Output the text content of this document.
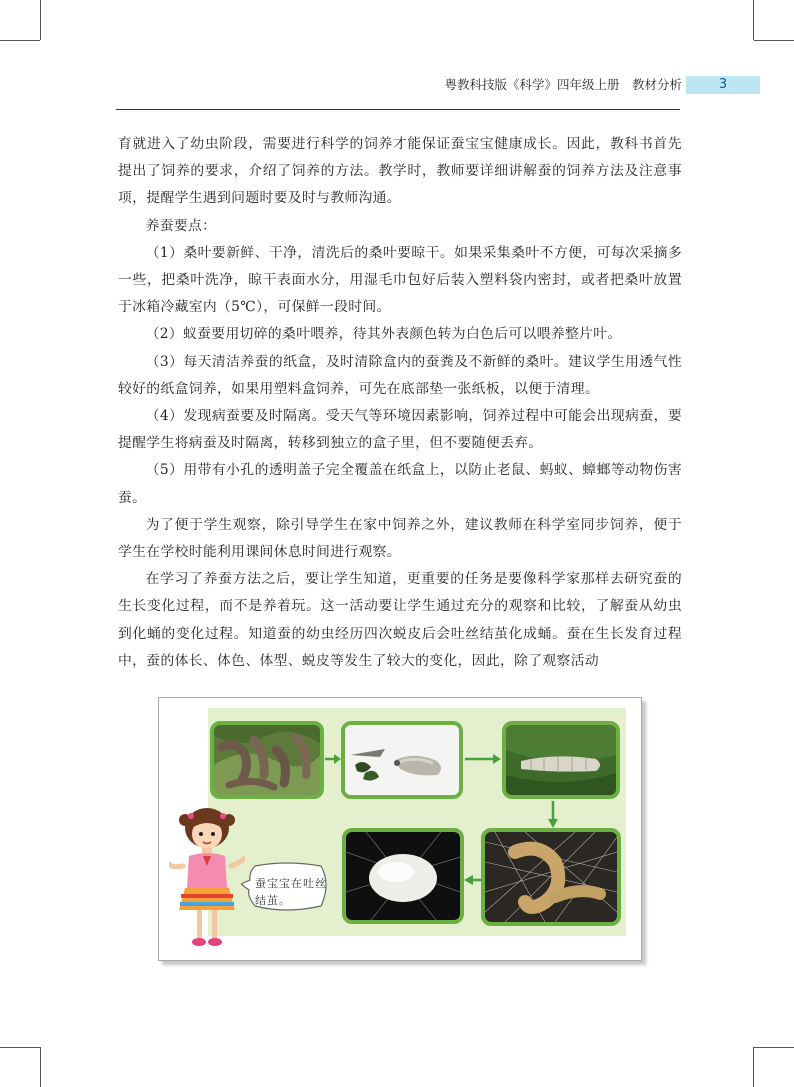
粤教科技版《科学》四年级上册　教材分析	3

育就进入了幼虫阶段，需要进行科学的饲养才能保证蚕宝宝健康成长。因此，教科书首先提出了饲养的要求，介绍了饲养的方法。教学时，教师要详细讲解蚕的饲养方法及注意事项，提醒学生遇到问题时要及时与教师沟通。

养蚕要点：

（1）桑叶要新鲜、干净，清洗后的桑叶要晾干。如果采集桑叶不方便，可每次采摘多一些，把桑叶洗净，晾干表面水分，用湿毛巾包好后装入塑料袋内密封，或者把桑叶放置于冰箱冷藏室内（5℃），可保鲜一段时间。

（2）蚁蚕要用切碎的桑叶喂养，待其外表颜色转为白色后可以喂养整片叶。

（3）每天清洁养蚕的纸盒，及时清除盒内的蚕粪及不新鲜的桑叶。建议学生用透气性较好的纸盒饲养，如果用塑料盒饲养，可先在底部垫一张纸板，以便于清理。

（4）发现病蚕要及时隔离。受天气等环境因素影响，饲养过程中可能会出现病蚕，要提醒学生将病蚕及时隔离，转移到独立的盒子里，但不要随便丢弃。

（5）用带有小孔的透明盖子完全覆盖在纸盒上，以防止老鼠、蚂蚁、蟑螂等动物伤害蚕。

为了便于学生观察，除引导学生在家中饲养之外，建议教师在科学室同步饲养，便于学生在学校时能利用课间休息时间进行观察。

在学习了养蚕方法之后，要让学生知道，更重要的任务是要像科学家那样去研究蚕的生长变化过程，而不是养着玩。这一活动要让学生通过充分的观察和比较，了解蚕从幼虫到化蛹的变化过程。知道蚕的幼虫经历四次蜕皮后会吐丝结茧化成蛹。蚕在生长发育过程中，蚕的体长、体色、体型、蜕皮等发生了较大的变化，因此，除了观察活动

蚕宝宝在吐丝结茧。
